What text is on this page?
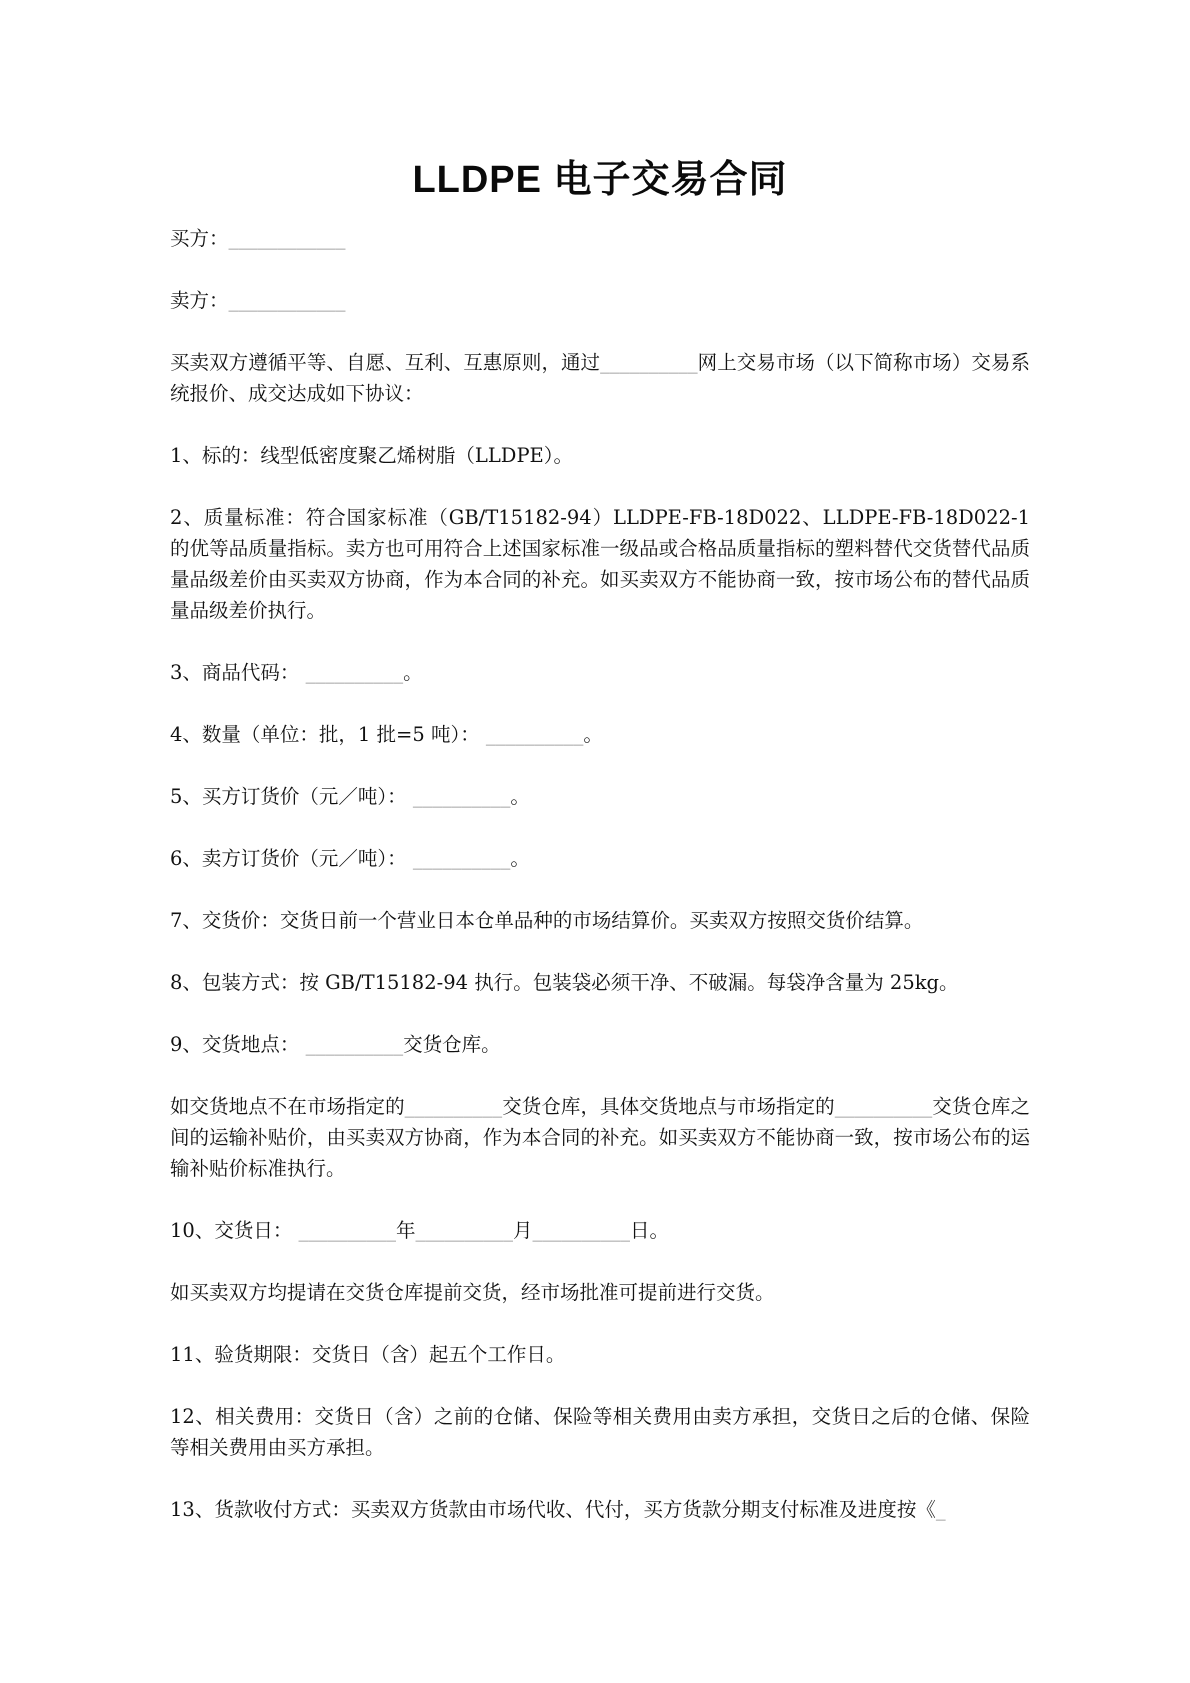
LLDPE 电子交易合同

买方：____________

卖方：____________

买卖双方遵循平等、自愿、互利、互惠原则，通过__________网上交易市场（以下简称市场）交易系统报价、成交达成如下协议：

1、标的：线型低密度聚乙烯树脂（LLDPE）。

2、质量标准：符合国家标准（GB/T15182-94）LLDPE-FB-18D022、LLDPE-FB-18D022-1 的优等品质量指标。卖方也可用符合上述国家标准一级品或合格品质量指标的塑料替代交货替代品质量品级差价由买卖双方协商，作为本合同的补充。如买卖双方不能协商一致，按市场公布的替代品质量品级差价执行。

3、商品代码： __________。

4、数量（单位：批，1 批=5 吨）： __________。

5、买方订货价（元／吨）： __________。

6、卖方订货价（元／吨）： __________。

7、交货价：交货日前一个营业日本仓单品种的市场结算价。买卖双方按照交货价结算。

8、包装方式：按 GB/T15182-94 执行。包装袋必须干净、不破漏。每袋净含量为 25kg。

9、交货地点： __________交货仓库。

如交货地点不在市场指定的__________交货仓库，具体交货地点与市场指定的__________交货仓库之间的运输补贴价，由买卖双方协商，作为本合同的补充。如买卖双方不能协商一致，按市场公布的运输补贴价标准执行。

10、交货日： __________年__________月__________日。

如买卖双方均提请在交货仓库提前交货，经市场批准可提前进行交货。

11、验货期限：交货日（含）起五个工作日。

12、相关费用：交货日（含）之前的仓储、保险等相关费用由卖方承担，交货日之后的仓储、保险等相关费用由买方承担。

13、货款收付方式：买卖双方货款由市场代收、代付，买方货款分期支付标准及进度按《_
